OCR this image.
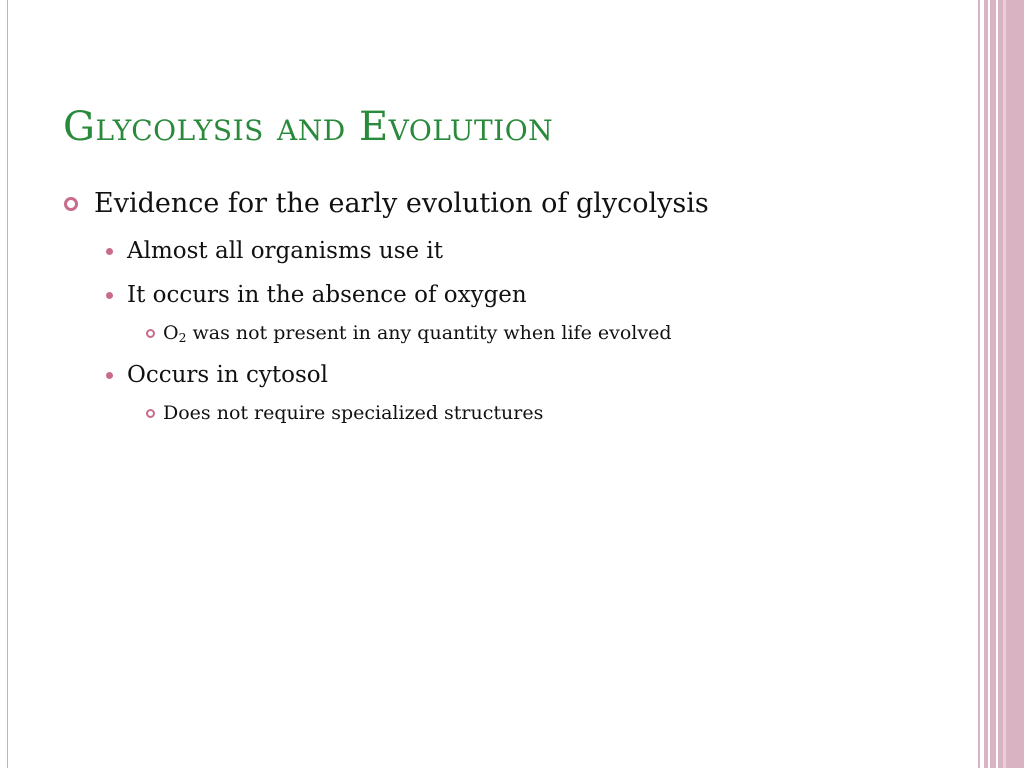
Glycolysis and Evolution
Evidence for the early evolution of glycolysis
Almost all organisms use it
It occurs in the absence of oxygen
$O_2$ was not present in any quantity when life evolved
Occurs in cytosol
Does not require specialized structures
